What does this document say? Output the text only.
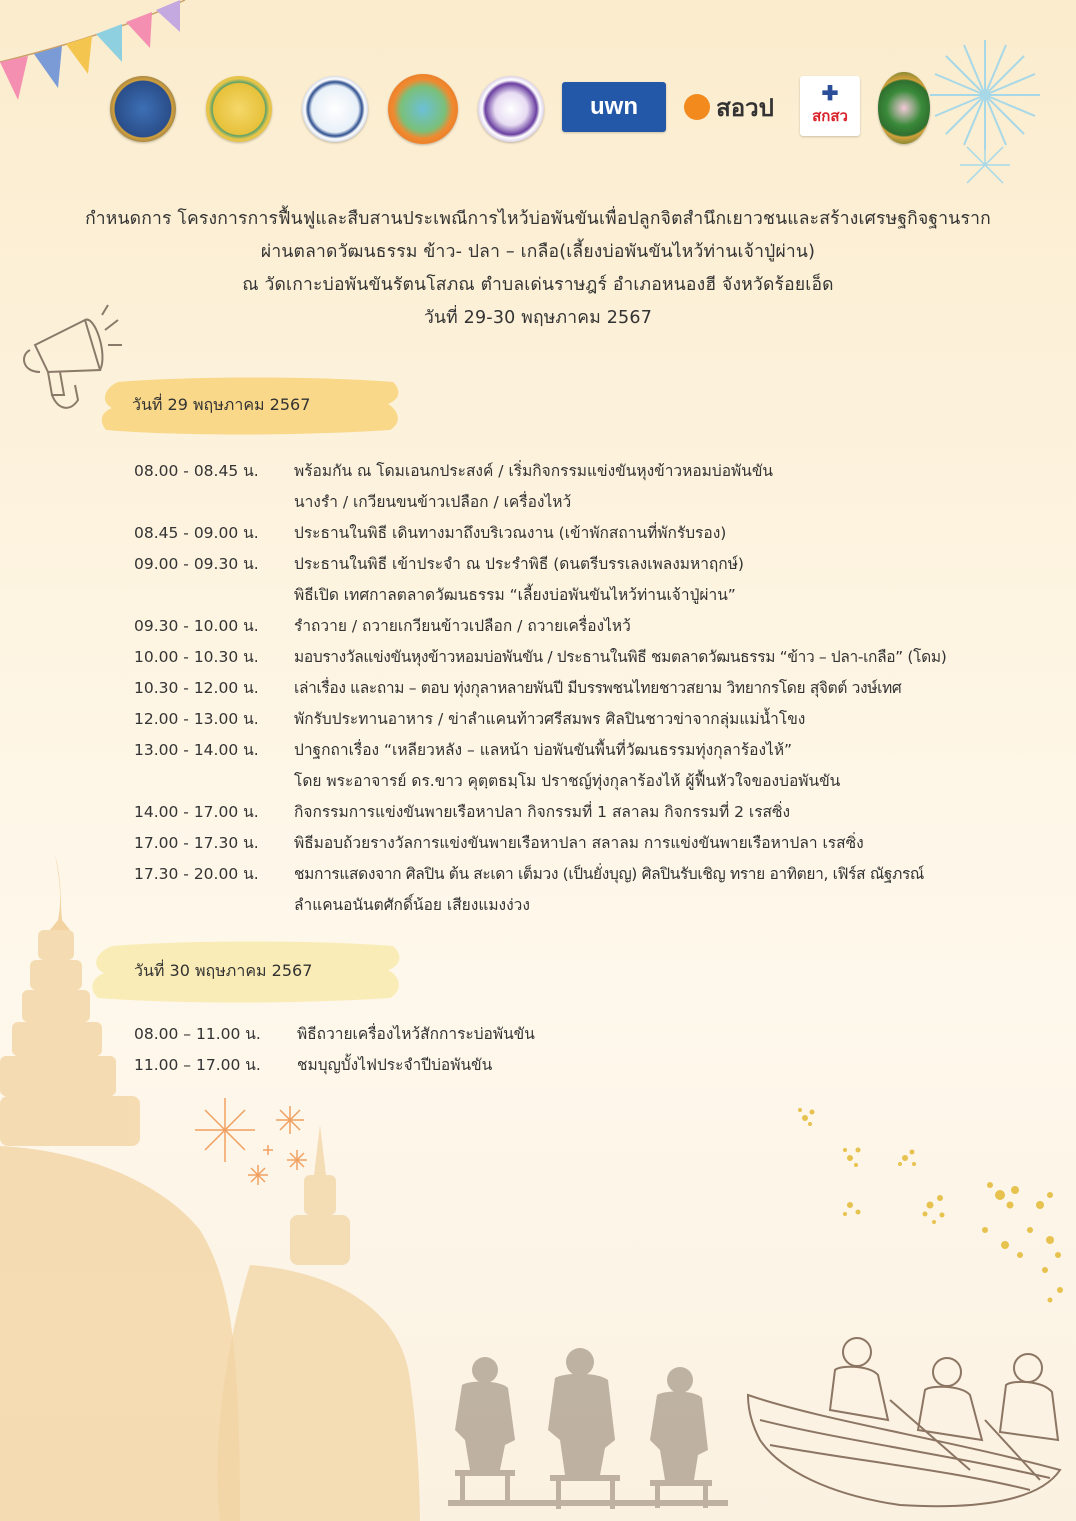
uwn	สอวป
✚
สกสว
กำหนดการ โครงการการฟื้นฟูและสืบสานประเพณีการไหว้บ่อพันขันเพื่อปลูกจิตสำนึกเยาวชนและสร้างเศรษฐกิจฐานราก
ผ่านตลาดวัฒนธรรม ข้าว- ปลา – เกลือ(เลี้ยงบ่อพันขันไหว้ท่านเจ้าปู่ผ่าน)
ณ วัดเกาะบ่อพันขันรัตนโสภณ ตำบลเด่นราษฎร์ อำเภอหนองฮี จังหวัดร้อยเอ็ด
วันที่ 29-30 พฤษภาคม 2567
วันที่ 29 พฤษภาคม 2567
08.00 - 08.45 น.	พร้อมกัน ณ โดมเอนกประสงค์ / เริ่มกิจกรรมแข่งขันหุงข้าวหอมบ่อพันขัน
นางรำ / เกวียนขนข้าวเปลือก / เครื่องไหว้
08.45 - 09.00 น.	ประธานในพิธี เดินทางมาถึงบริเวณงาน (เข้าพักสถานที่พักรับรอง)
09.00 - 09.30 น.	ประธานในพิธี เข้าประจำ ณ ประรำพิธี (ดนตรีบรรเลงเพลงมหาฤกษ์)
พิธีเปิด เทศกาลตลาดวัฒนธรรม “เลี้ยงบ่อพันขันไหว้ท่านเจ้าปู่ผ่าน”
09.30 - 10.00 น.	รำถวาย / ถวายเกวียนข้าวเปลือก / ถวายเครื่องไหว้
10.00 - 10.30 น.	มอบรางวัลแข่งขันหุงข้าวหอมบ่อพันขัน / ประธานในพิธี ชมตลาดวัฒนธรรม “ข้าว – ปลา-เกลือ” (โดม)
10.30 - 12.00 น.	เล่าเรื่อง และถาม – ตอบ ทุ่งกุลาหลายพันปี มีบรรพชนไทยชาวสยาม วิทยากรโดย สุจิตต์ วงษ์เทศ
12.00 - 13.00 น.	พักรับประทานอาหาร / ข่าลำแคนท้าวศรีสมพร ศิลปินชาวข่าจากลุ่มแม่น้ำโขง
13.00 - 14.00 น.	ปาฐกถาเรื่อง “เหลียวหลัง – แลหน้า บ่อพันขันพื้นที่วัฒนธรรมทุ่งกุลาร้องไห้”
โดย พระอาจารย์ ดร.ขาว คุตฺตธมฺโม ปราชญ์ทุ่งกุลาร้องไห้ ผู้ฟื้นหัวใจของบ่อพันขัน
14.00 - 17.00 น.	กิจกรรมการแข่งขันพายเรือหาปลา กิจกรรมที่ 1 สลาลม กิจกรรมที่ 2 เรสซิ่ง
17.00 - 17.30 น.	พิธีมอบถ้วยรางวัลการแข่งขันพายเรือหาปลา สลาลม การแข่งขันพายเรือหาปลา เรสซิ่ง
17.30 - 20.00 น.	ชมการแสดงจาก ศิลปิน ต้น สะเดา เต็มวง (เป็นยั่งบุญ) ศิลปินรับเชิญ ทราย อาทิตยา, เฟิร์ส ณัฐภรณ์
ลำแคนอนันตศักดิ์น้อย เสียงแมงง่วง
วันที่ 30 พฤษภาคม 2567
08.00 – 11.00 น.	พิธีถวายเครื่องไหว้สักการะบ่อพันขัน
11.00 – 17.00 น.	ชมบุญบั้งไฟประจำปีบ่อพันขัน
